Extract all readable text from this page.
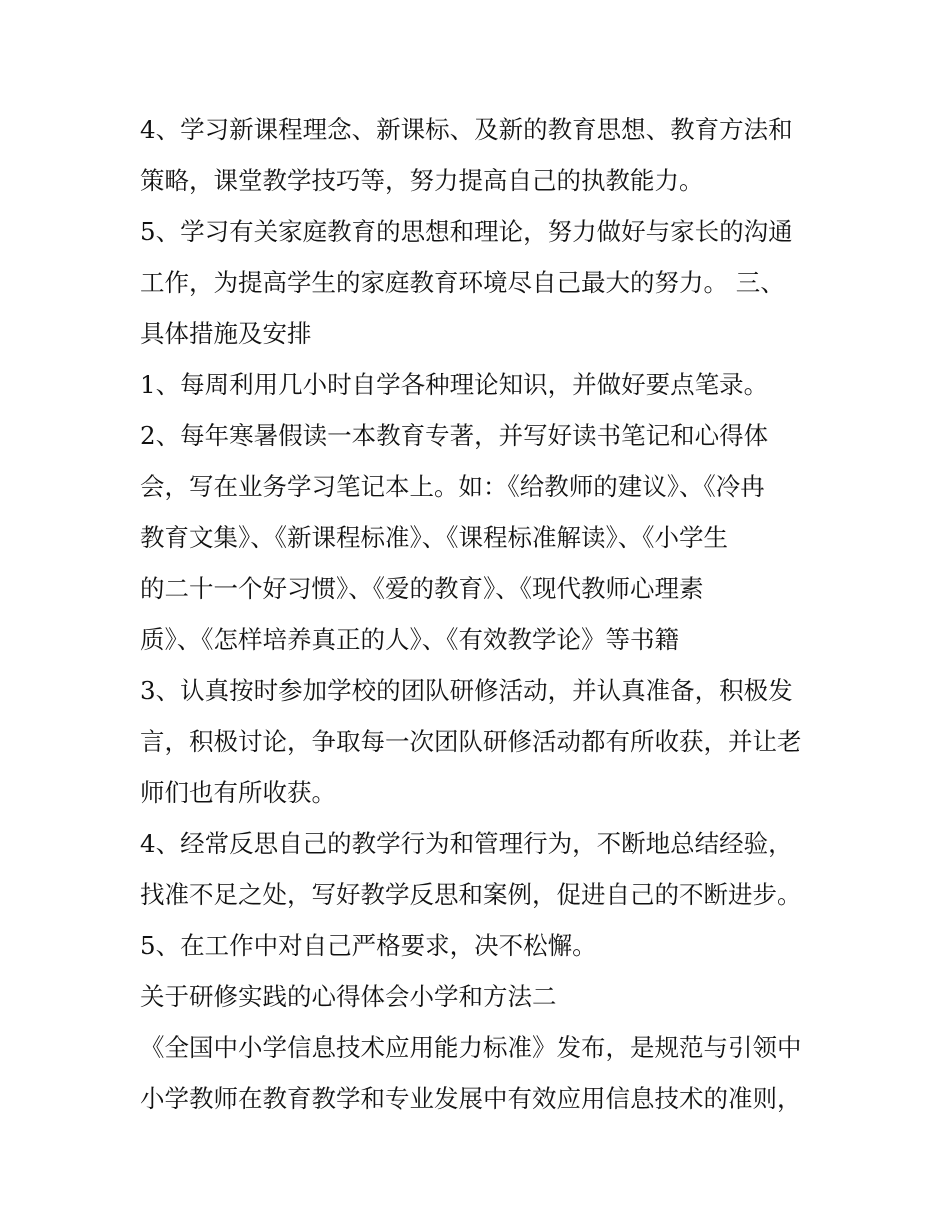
4、学习新课程理念、新课标、及新的教育思想、教育方法和
策略，课堂教学技巧等，努力提高自己的执教能力。
5、学习有关家庭教育的思想和理论，努力做好与家长的沟通
工作，为提高学生的家庭教育环境尽自己最大的努力。 三、
具体措施及安排
1、每周利用几小时自学各种理论知识，并做好要点笔录。
2、每年寒暑假读一本教育专著，并写好读书笔记和心得体
会，写在业务学习笔记本上。如：《给教师的建议》、《冷冉
教育文集》、《新课程标准》、《课程标准解读》、《小学生
的二十一个好习惯》、《爱的教育》、《现代教师心理素
质》、《怎样培养真正的人》、《有效教学论》等书籍
3、认真按时参加学校的团队研修活动，并认真准备，积极发
言，积极讨论，争取每一次团队研修活动都有所收获，并让老
师们也有所收获。
4、经常反思自己的教学行为和管理行为，不断地总结经验，
找准不足之处，写好教学反思和案例，促进自己的不断进步。
5、在工作中对自己严格要求，决不松懈。
关于研修实践的心得体会小学和方法二
《全国中小学信息技术应用能力标准》发布，是规范与引领中
小学教师在教育教学和专业发展中有效应用信息技术的准则，
